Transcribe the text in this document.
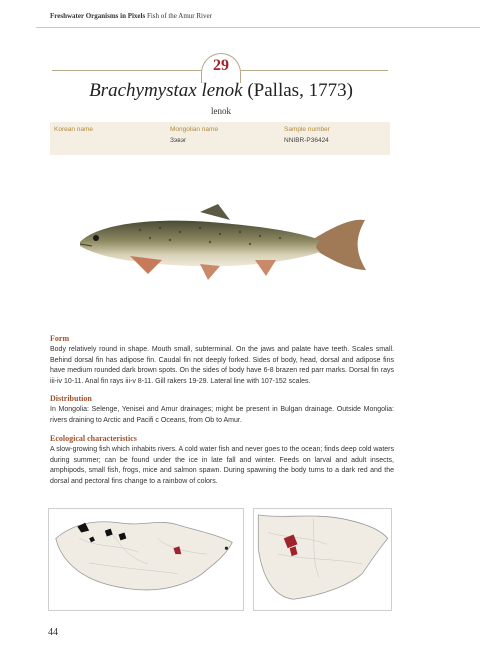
Freshwater Organisms in Pixels Fish of the Amur River
29
Brachymystax lenok (Pallas, 1773)
lenok
Korean name	Mongolian name
Зэвэг
Sample number
NNIBR-P36424
Form
Body relatively round in shape. Mouth small, subterminal. On the jaws and palate have teeth. Scales small. Behind dorsal fin has adipose fin. Caudal fin not deeply forked. Sides of body, head, dorsal and adipose fins have medium rounded dark brown spots. On the sides of body have 6-8 brazen red parr marks. Dorsal fin rays iii-iv 10-11. Anal fin rays iii-v 8-11. Gill rakers 19-29. Lateral line with 107-152 scales.
Distribution
In Mongolia: Selenge, Yenisei and Amur drainages; might be present in Bulgan drainage. Outside Mongolia: rivers draining to Arctic and Pacifi c Oceans, from Ob to Amur.
Ecological characteristics
A slow-growing fish which inhabits rivers. A cold water fish and never goes to the ocean; finds deep cold waters during summer; can be found under the ice in late fall and winter. Feeds on larval and adult insects, amphipods, small fish, frogs, mice and salmon spawn. During spawning the body turns to a dark red and the dorsal and pectoral fins change to a rainbow of colors.
44
